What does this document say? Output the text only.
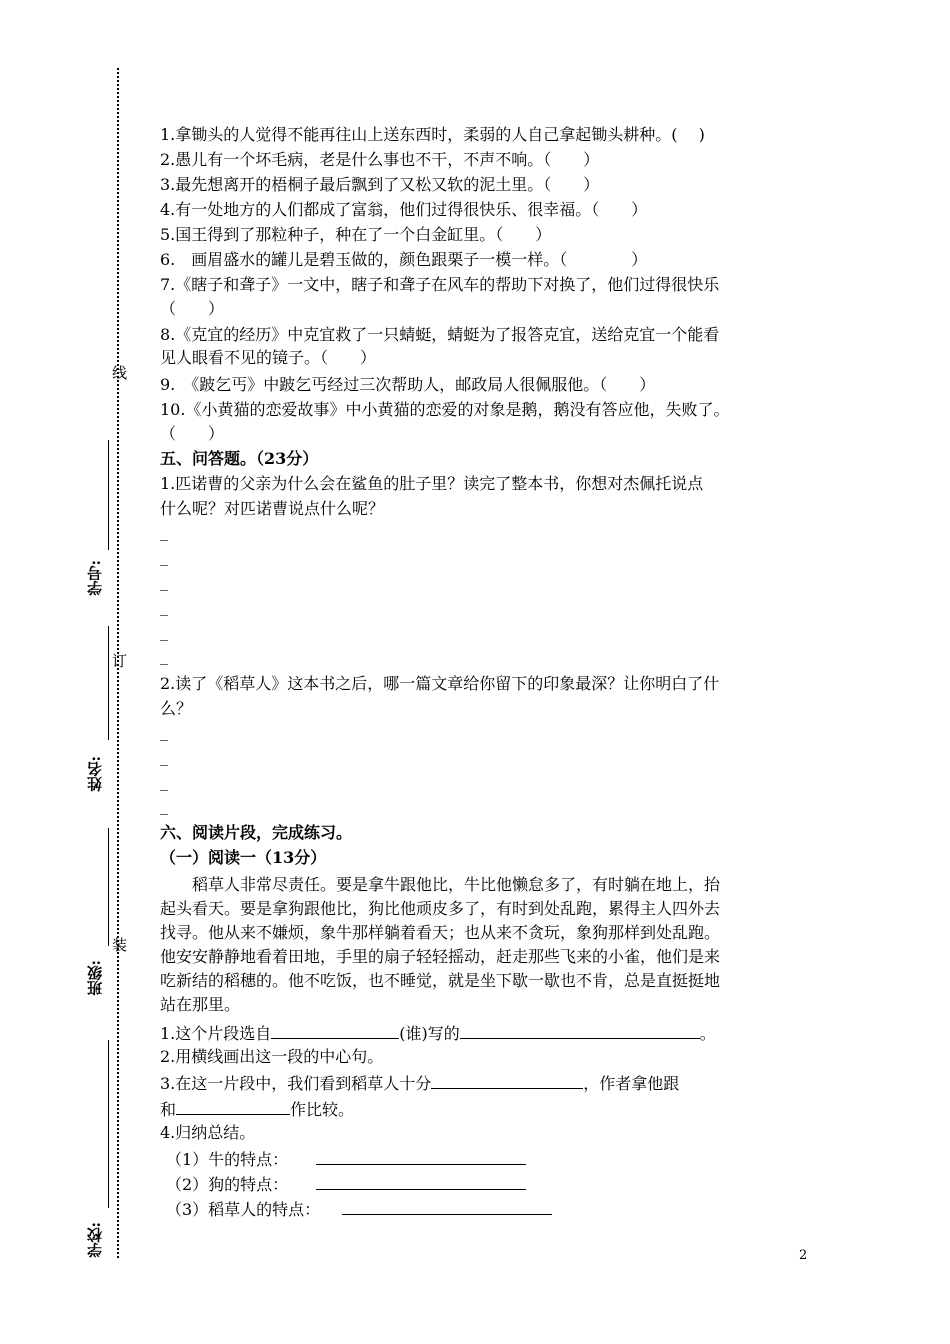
线
订
装
学号:
姓名:
班级:
学校:
1.拿锄头的人觉得不能再往山上送东西时，柔弱的人自己拿起锄头耕种。(　 )
2.愚儿有一个坏毛病，老是什么事也不干，不声不响。（　　）
3.最先想离开的梧桐子最后飘到了又松又软的泥土里。（　　）
4.有一处地方的人们都成了富翁，他们过得很快乐、很幸福。（　　）
5.国王得到了那粒种子，种在了一个白金缸里。（　　）
6.　画眉盛水的罐儿是碧玉做的，颜色跟栗子一模一样。（　　　　）
7.《瞎子和聋子》一文中，瞎子和聋子在风车的帮助下对换了，他们过得很快乐
（　　）
8.《克宜的经历》中克宜救了一只蜻蜓，蜻蜓为了报答克宜，送给克宜一个能看
见人眼看不见的镜子。（　　）
9.　《跛乞丐》中跛乞丐经过三次帮助人，邮政局人很佩服他。（　　）
10.《小黄猫的恋爱故事》中小黄猫的恋爱的对象是鹅，鹅没有答应他，失败了。
（　　）
五、问答题。（23分）
1.匹诺曹的父亲为什么会在鲨鱼的肚子里？读完了整本书，你想对杰佩托说点
什么呢？对匹诺曹说点什么呢？
_
_
_
_
_
_
2.读了《稻草人》这本书之后，哪一篇文章给你留下的印象最深？让你明白了什
么？
_
_
_
_
六、阅读片段，完成练习。
（一）阅读一（13分）
　　稻草人非常尽责任。要是拿牛跟他比，牛比他懒怠多了，有时躺在地上，抬
起头看天。要是拿狗跟他比，狗比他顽皮多了，有时到处乱跑，累得主人四外去
找寻。他从来不嫌烦，象牛那样躺着看天；也从来不贪玩，象狗那样到处乱跑。
他安安静静地看着田地，手里的扇子轻轻摇动，赶走那些飞来的小雀，他们是来
吃新结的稻穗的。他不吃饭，也不睡觉，就是坐下歇一歇也不肯，总是直挺挺地
站在那里。
1.这个片段选自	(谁)写的	。
2.用横线画出这一段的中心句。
3.在这一片段中，我们看到稻草人十分	，作者拿他跟
和	作比较。
4.归纳总结。
（1）牛的特点：
（2）狗的特点：
（3）稻草人的特点：
2
